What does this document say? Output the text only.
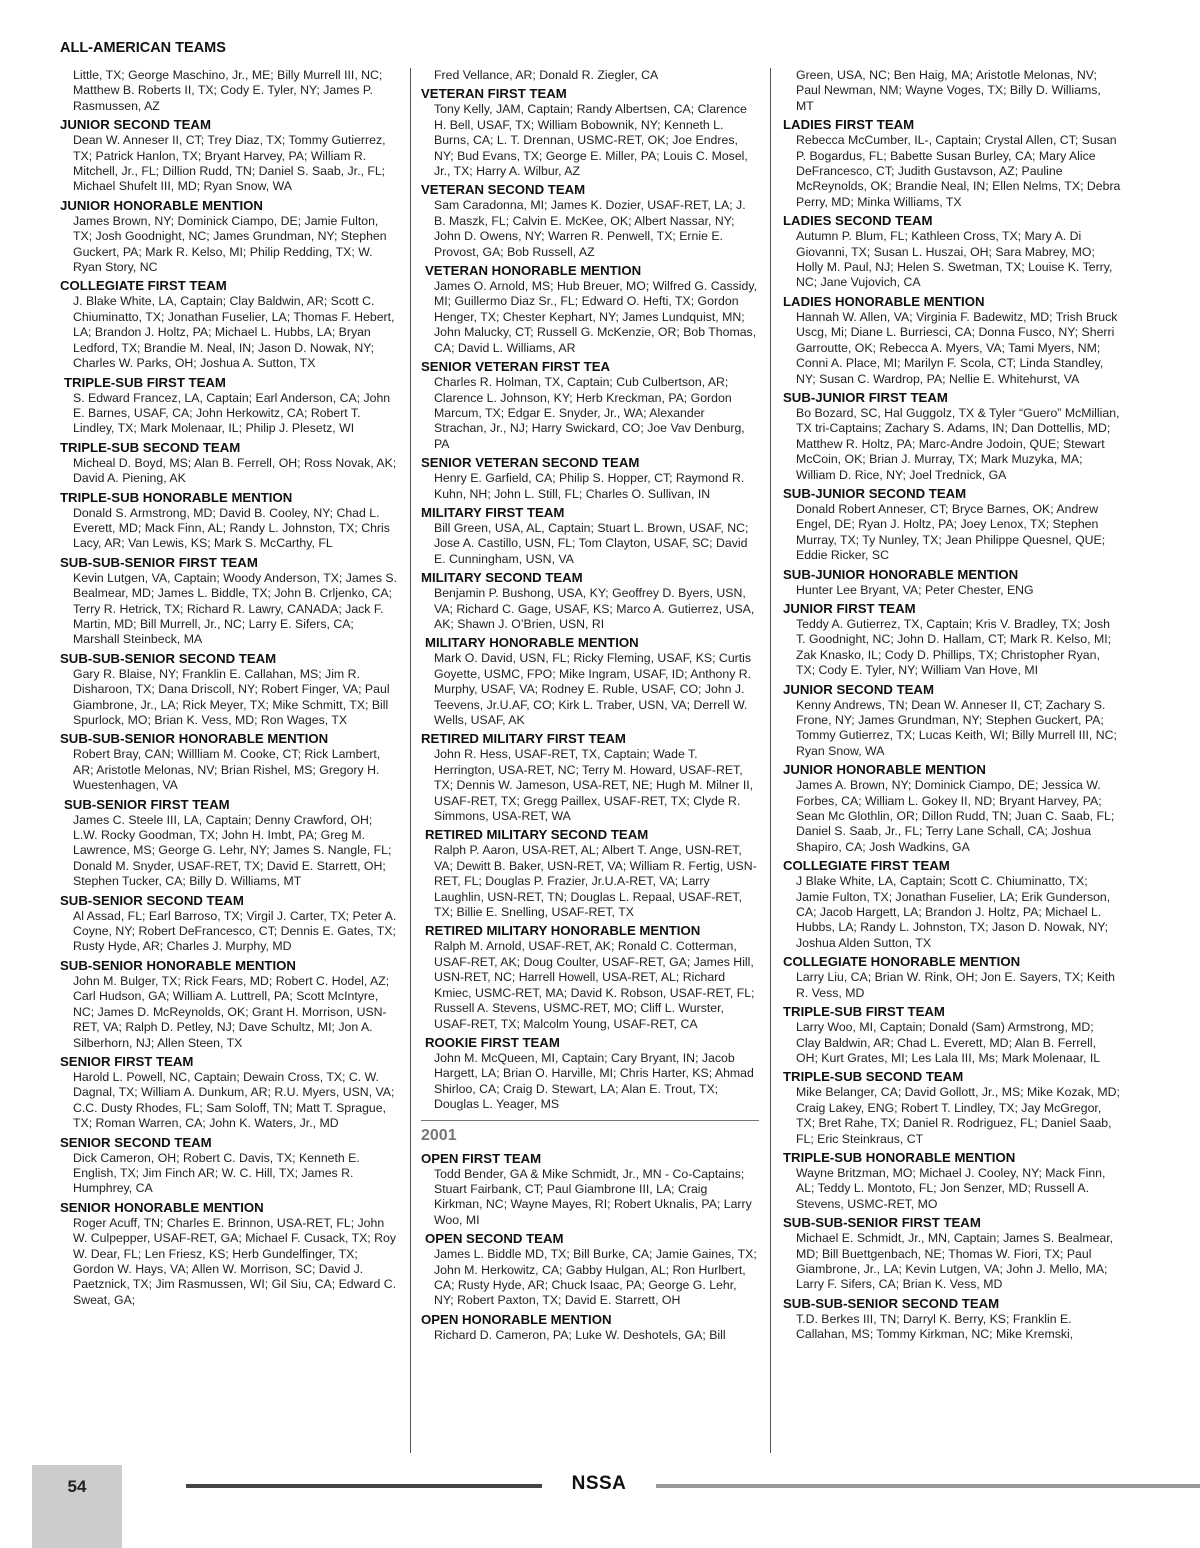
ALL-AMERICAN TEAMS
Little, TX; George Maschino, Jr., ME; Billy Murrell III, NC; Matthew B. Roberts II, TX; Cody E. Tyler, NY; James P. Rasmussen, AZ
JUNIOR SECOND TEAM
Dean W. Anneser II, CT; Trey Diaz, TX; Tommy Gutierrez, TX; Patrick Hanlon, TX; Bryant Harvey, PA; William R. Mitchell, Jr., FL; Dillion Rudd, TN; Daniel S. Saab, Jr., FL; Michael Shufelt III, MD; Ryan Snow, WA
JUNIOR HONORABLE MENTION
James Brown, NY; Dominick Ciampo, DE; Jamie Fulton, TX; Josh Goodnight, NC; James Grundman, NY; Stephen Guckert, PA; Mark R. Kelso, MI; Philip Redding, TX; W. Ryan Story, NC
COLLEGIATE FIRST TEAM
J. Blake White, LA, Captain; Clay Baldwin, AR; Scott C. Chiuminatto, TX; Jonathan Fuselier, LA; Thomas F. Hebert, LA; Brandon J. Holtz, PA; Michael L. Hubbs, LA; Bryan Ledford, TX; Brandie M. Neal, IN; Jason D. Nowak, NY; Charles W. Parks, OH; Joshua A. Sutton, TX
TRIPLE-SUB FIRST TEAM
S. Edward Francez, LA, Captain; Earl Anderson, CA; John E. Barnes, USAF, CA; John Herkowitz, CA; Robert T. Lindley, TX; Mark Molenaar, IL; Philip J. Plesetz, WI
TRIPLE-SUB SECOND TEAM
Micheal D. Boyd, MS; Alan B. Ferrell, OH; Ross Novak, AK; David A. Piening, AK
TRIPLE-SUB HONORABLE MENTION
Donald S. Armstrong, MD; David B. Cooley, NY; Chad L. Everett, MD; Mack Finn, AL; Randy L. Johnston, TX; Chris Lacy, AR; Van Lewis, KS; Mark S. McCarthy, FL
SUB-SUB-SENIOR FIRST TEAM
Kevin Lutgen, VA, Captain; Woody Anderson, TX; James S. Bealmear, MD; James L. Biddle, TX; John B. Crljenko, CA; Terry R. Hetrick, TX; Richard R. Lawry, CANADA; Jack F. Martin, MD; Bill Murrell, Jr., NC; Larry E. Sifers, CA; Marshall Steinbeck, MA
SUB-SUB-SENIOR SECOND TEAM
Gary R. Blaise, NY; Franklin E. Callahan, MS; Jim R. Disharoon, TX; Dana Driscoll, NY; Robert Finger, VA; Paul Giambrone, Jr., LA; Rick Meyer, TX; Mike Schmitt, TX; Bill Spurlock, MO; Brian K. Vess, MD; Ron Wages, TX
SUB-SUB-SENIOR HONORABLE MENTION
Robert Bray, CAN; Willliam M. Cooke, CT; Rick Lambert, AR; Aristotle Melonas, NV; Brian Rishel, MS; Gregory H. Wuestenhagen, VA
SUB-SENIOR FIRST TEAM
James C. Steele III, LA, Captain; Denny Crawford, OH; L.W. Rocky Goodman, TX; John H. Imbt, PA; Greg M. Lawrence, MS; George G. Lehr, NY; James S. Nangle, FL; Donald M. Snyder, USAF-RET, TX; David E. Starrett, OH; Stephen Tucker, CA; Billy D. Williams, MT
SUB-SENIOR SECOND TEAM
Al Assad, FL; Earl Barroso, TX; Virgil J. Carter, TX; Peter A. Coyne, NY; Robert DeFrancesco, CT; Dennis E. Gates, TX; Rusty Hyde, AR; Charles J. Murphy, MD
SUB-SENIOR HONORABLE MENTION
John M. Bulger, TX; Rick Fears, MD; Robert C. Hodel, AZ; Carl Hudson, GA; William A. Luttrell, PA; Scott McIntyre, NC; James D. McReynolds, OK; Grant H. Morrison, USN-RET, VA; Ralph D. Petley, NJ; Dave Schultz, MI; Jon A. Silberhorn, NJ; Allen Steen, TX
SENIOR FIRST TEAM
Harold L. Powell, NC, Captain; Dewain Cross, TX; C. W. Dagnal, TX; William A. Dunkum, AR; R.U. Myers, USN, VA; C.C. Dusty Rhodes, FL; Sam Soloff, TN; Matt T. Sprague, TX; Roman Warren, CA; John K. Waters, Jr., MD
SENIOR SECOND TEAM
Dick Cameron, OH; Robert C. Davis, TX; Kenneth E. English, TX; Jim Finch AR; W. C. Hill, TX; James R. Humphrey, CA
SENIOR HONORABLE MENTION
Roger Acuff, TN; Charles E. Brinnon, USA-RET, FL; John W. Culpepper, USAF-RET, GA; Michael F. Cusack, TX; Roy W. Dear, FL; Len Friesz, KS; Herb Gundelfinger, TX; Gordon W. Hays, VA; Allen W. Morrison, SC; David J. Paetznick, TX; Jim Rasmussen, WI; Gil Siu, CA; Edward C. Sweat, GA;
Fred Vellance, AR; Donald R. Ziegler, CA
VETERAN FIRST TEAM
Tony Kelly, JAM, Captain; Randy Albertsen, CA; Clarence H. Bell, USAF, TX; William Bobownik, NY; Kenneth L. Burns, CA; L. T. Drennan, USMC-RET, OK; Joe Endres, NY; Bud Evans, TX; George E. Miller, PA; Louis C. Mosel, Jr., TX; Harry A. Wilbur, AZ
VETERAN SECOND TEAM
Sam Caradonna, MI; James K. Dozier, USAF-RET, LA; J. B. Maszk, FL; Calvin E. McKee, OK; Albert Nassar, NY; John D. Owens, NY; Warren R. Penwell, TX; Ernie E. Provost, GA; Bob Russell, AZ
VETERAN HONORABLE MENTION
James O. Arnold, MS; Hub Breuer, MO; Wilfred G. Cassidy, MI; Guillermo Diaz Sr., FL; Edward O. Hefti, TX; Gordon Henger, TX; Chester Kephart, NY; James Lundquist, MN; John Malucky, CT; Russell G. McKenzie, OR; Bob Thomas, CA; David L. Williams, AR
SENIOR VETERAN FIRST TEA
Charles R. Holman, TX, Captain; Cub Culbertson, AR; Clarence L. Johnson, KY; Herb Kreckman, PA; Gordon Marcum, TX; Edgar E. Snyder, Jr., WA; Alexander Strachan, Jr., NJ; Harry Swickard, CO; Joe Vav Denburg, PA
SENIOR VETERAN SECOND TEAM
Henry E. Garfield, CA; Philip S. Hopper, CT; Raymond R. Kuhn, NH; John L. Still, FL; Charles O. Sullivan, IN
MILITARY FIRST TEAM
Bill Green, USA, AL, Captain; Stuart L. Brown, USAF, NC; Jose A. Castillo, USN, FL; Tom Clayton, USAF, SC; David E. Cunningham, USN, VA
MILITARY SECOND TEAM
Benjamin P. Bushong, USA, KY; Geoffrey D. Byers, USN, VA; Richard C. Gage, USAF, KS; Marco A. Gutierrez, USA, AK; Shawn J. O’Brien, USN, RI
MILITARY HONORABLE MENTION
Mark O. David, USN, FL; Ricky Fleming, USAF, KS; Curtis Goyette, USMC, FPO; Mike Ingram, USAF, ID; Anthony R. Murphy, USAF, VA; Rodney E. Ruble, USAF, CO; John J. Teevens, Jr.U.AF, CO; Kirk L. Traber, USN, VA; Derrell W. Wells, USAF, AK
RETIRED MILITARY FIRST TEAM
John R. Hess, USAF-RET, TX, Captain; Wade T. Herrington, USA-RET, NC; Terry M. Howard, USAF-RET, TX; Dennis W. Jameson, USA-RET, NE; Hugh M. Milner II, USAF-RET, TX; Gregg Paillex, USAF-RET, TX; Clyde R. Simmons, USA-RET, WA
RETIRED MILITARY SECOND TEAM
Ralph P. Aaron, USA-RET, AL; Albert T. Ange, USN-RET, VA; Dewitt B. Baker, USN-RET, VA; William R. Fertig, USN-RET, FL; Douglas P. Frazier, Jr.U.A-RET, VA; Larry Laughlin, USN-RET, TN; Douglas L. Repaal, USAF-RET, TX; Billie E. Snelling, USAF-RET, TX
RETIRED MILITARY HONORABLE MENTION
Ralph M. Arnold, USAF-RET, AK; Ronald C. Cotterman, USAF-RET, AK; Doug Coulter, USAF-RET, GA; James Hill, USN-RET, NC; Harrell Howell, USA-RET, AL; Richard Kmiec, USMC-RET, MA; David K. Robson, USAF-RET, FL; Russell A. Stevens, USMC-RET, MO; Cliff L. Wurster, USAF-RET, TX; Malcolm Young, USAF-RET, CA
ROOKIE FIRST TEAM
John M. McQueen, MI, Captain; Cary Bryant, IN; Jacob Hargett, LA; Brian O. Harville, MI; Chris Harter, KS; Ahmad Shirloo, CA; Craig D. Stewart, LA; Alan E. Trout, TX; Douglas L. Yeager, MS
2001
OPEN FIRST TEAM
Todd Bender, GA & Mike Schmidt, Jr., MN - Co-Captains; Stuart Fairbank, CT; Paul Giambrone III, LA; Craig Kirkman, NC; Wayne Mayes, RI; Robert Uknalis, PA; Larry Woo, MI
OPEN SECOND TEAM
James L. Biddle MD, TX; Bill Burke, CA; Jamie Gaines, TX; John M. Herkowitz, CA; Gabby Hulgan, AL; Ron Hurlbert, CA; Rusty Hyde, AR; Chuck Isaac, PA; George G. Lehr, NY; Robert Paxton, TX; David E. Starrett, OH
OPEN HONORABLE MENTION
Richard D. Cameron, PA; Luke W. Deshotels, GA; Bill
Green, USA, NC; Ben Haig, MA; Aristotle Melonas, NV; Paul Newman, NM; Wayne Voges, TX; Billy D. Williams, MT
LADIES FIRST TEAM
Rebecca McCumber, IL-, Captain; Crystal Allen, CT; Susan P. Bogardus, FL; Babette Susan Burley, CA; Mary Alice DeFrancesco, CT; Judith Gustavson, AZ; Pauline McReynolds, OK; Brandie Neal, IN; Ellen Nelms, TX; Debra Perry, MD; Minka Williams, TX
LADIES SECOND TEAM
Autumn P. Blum, FL; Kathleen Cross, TX; Mary A. Di Giovanni, TX; Susan L. Huszai, OH; Sara Mabrey, MO; Holly M. Paul, NJ; Helen S. Swetman, TX; Louise K. Terry, NC; Jane Vujovich, CA
LADIES HONORABLE MENTION
Hannah W. Allen, VA; Virginia F. Badewitz, MD; Trish Bruck Uscg, Mi; Diane L. Burriesci, CA; Donna Fusco, NY; Sherri Garroutte, OK; Rebecca A. Myers, VA; Tami Myers, NM; Conni A. Place, MI; Marilyn F. Scola, CT; Linda Standley, NY; Susan C. Wardrop, PA; Nellie E. Whitehurst, VA
SUB-JUNIOR FIRST TEAM
Bo Bozard, SC, Hal Guggolz, TX & Tyler “Guero” McMillian, TX tri-Captains; Zachary S. Adams, IN; Dan Dottellis, MD; Matthew R. Holtz, PA; Marc-Andre Jodoin, QUE; Stewart McCoin, OK; Brian J. Murray, TX; Mark Muzyka, MA; William D. Rice, NY; Joel Trednick, GA
SUB-JUNIOR SECOND TEAM
Donald Robert Anneser, CT; Bryce Barnes, OK; Andrew Engel, DE; Ryan J. Holtz, PA; Joey Lenox, TX; Stephen Murray, TX; Ty Nunley, TX; Jean Philippe Quesnel, QUE; Eddie Ricker, SC
SUB-JUNIOR HONORABLE MENTION
Hunter Lee Bryant, VA; Peter Chester, ENG
JUNIOR FIRST TEAM
Teddy A. Gutierrez, TX, Captain; Kris V. Bradley, TX; Josh T. Goodnight, NC; John D. Hallam, CT; Mark R. Kelso, MI; Zak Knasko, IL; Cody D. Phillips, TX; Christopher Ryan, TX; Cody E. Tyler, NY; William Van Hove, MI
JUNIOR SECOND TEAM
Kenny Andrews, TN; Dean W. Anneser II, CT; Zachary S. Frone, NY; James Grundman, NY; Stephen Guckert, PA; Tommy Gutierrez, TX; Lucas Keith, WI; Billy Murrell III, NC; Ryan Snow, WA
JUNIOR HONORABLE MENTION
James A. Brown, NY; Dominick Ciampo, DE; Jessica W. Forbes, CA; William L. Gokey II, ND; Bryant Harvey, PA; Sean Mc Glothlin, OR; Dillon Rudd, TN; Juan C. Saab, FL; Daniel S. Saab, Jr., FL; Terry Lane Schall, CA; Joshua Shapiro, CA; Josh Wadkins, GA
COLLEGIATE FIRST TEAM
J Blake White, LA, Captain; Scott C. Chiuminatto, TX; Jamie Fulton, TX; Jonathan Fuselier, LA; Erik Gunderson, CA; Jacob Hargett, LA; Brandon J. Holtz, PA; Michael L. Hubbs, LA; Randy L. Johnston, TX; Jason D. Nowak, NY; Joshua Alden Sutton, TX
COLLEGIATE HONORABLE MENTION
Larry Liu, CA; Brian W. Rink, OH; Jon E. Sayers, TX; Keith R. Vess, MD
TRIPLE-SUB FIRST TEAM
Larry Woo, MI, Captain; Donald (Sam) Armstrong, MD; Clay Baldwin, AR; Chad L. Everett, MD; Alan B. Ferrell, OH; Kurt Grates, MI; Les Lala III, Ms; Mark Molenaar, IL
TRIPLE-SUB SECOND TEAM
Mike Belanger, CA; David Gollott, Jr., MS; Mike Kozak, MD; Craig Lakey, ENG; Robert T. Lindley, TX; Jay McGregor, TX; Bret Rahe, TX; Daniel R. Rodriguez, FL; Daniel Saab, FL; Eric Steinkraus, CT
TRIPLE-SUB HONORABLE MENTION
Wayne Britzman, MO; Michael J. Cooley, NY; Mack Finn, AL; Teddy L. Montoto, FL; Jon Senzer, MD; Russell A. Stevens, USMC-RET, MO
SUB-SUB-SENIOR FIRST TEAM
Michael E. Schmidt, Jr., MN, Captain; James S. Bealmear, MD; Bill Buettgenbach, NE; Thomas W. Fiori, TX; Paul Giambrone, Jr., LA; Kevin Lutgen, VA; John J. Mello, MA; Larry F. Sifers, CA; Brian K. Vess, MD
SUB-SUB-SENIOR SECOND TEAM
T.D. Berkes III, TN; Darryl K. Berry, KS; Franklin E. Callahan, MS; Tommy Kirkman, NC; Mike Kremski,
54	NSSA
